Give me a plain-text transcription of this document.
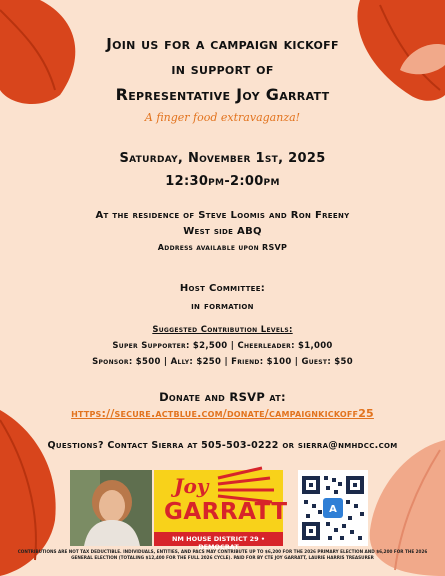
Join us for a campaign kickoff
in support of
Representative Joy Garratt
A finger food extravaganza!
Saturday, November 1st, 2025
12:30pm-2:00pm
At the residence of Steve Loomis and Ron Freeny
West side ABQ
Address available upon RSVP
Host Committee:
in formation
Suggested Contribution Levels:
Super Supporter: $2,500 | Cheerleader: $1,000
Sponsor: $500 | Ally: $250 | Friend: $100 | Guest: $50
Donate and RSVP at:
https://secure.actblue.com/donate/campaignkickoff25
Questions? Contact Sierra at 505-503-0222 or sierra@nmhdcc.com
Joy
GARRATT
NM HOUSE DISTRICT 29 • DEMOCRAT
A
CONTRIBUTIONS ARE NOT TAX DEDUCTIBLE. INDIVIDUALS, ENTITIES, AND PACS MAY CONTRIBUTE UP TO $6,200 FOR THE 2026 PRIMARY ELECTION AND $6,200 FOR THE 2026 GENERAL ELECTION (TOTALING $12,400 FOR THE FULL 2026 CYCLE). PAID FOR BY CTE JOY GARRATT, LAURIE HARRIS TREASURER
